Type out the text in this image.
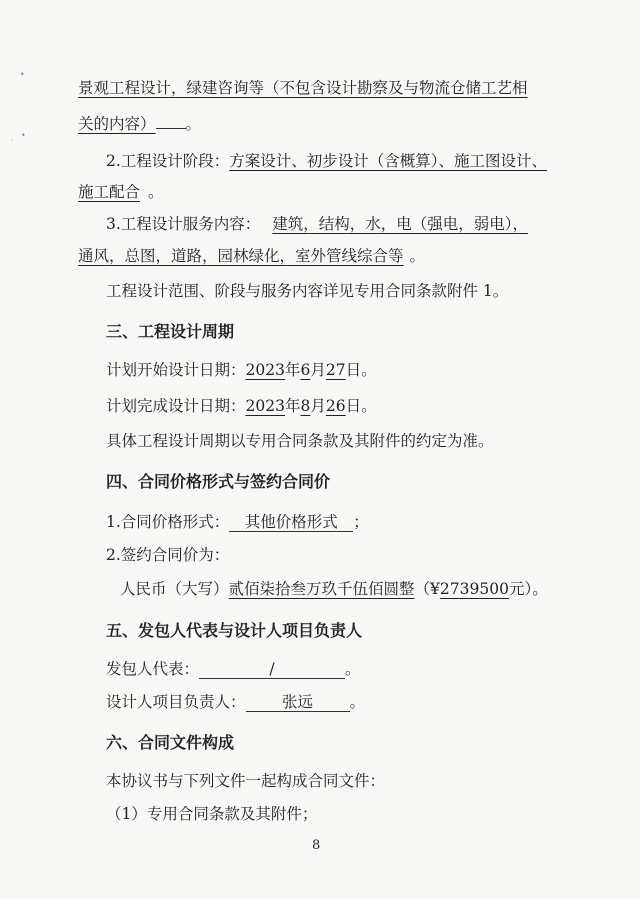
•
•
·
景观工程设计，绿建咨询等（不包含设计勘察及与物流仓储工艺相
关的内容） 。
2.工程设计阶段：方案设计、初步设计（含概算）、施工图设计、
施工配合 。
3.工程设计服务内容： 建筑，结构，水，电（强电，弱电），
通风，总图，道路，园林绿化，室外管线综合等 。
工程设计范围、阶段与服务内容详见专用合同条款附件 1。
三、工程设计周期
计划开始设计日期：2023年6月27日。
计划完成设计日期：2023年8月26日。
具体工程设计周期以专用合同条款及其附件的约定为准。
四、合同价格形式与签约合同价
1.合同价格形式： 其他价格形式 ；
2.签约合同价为：
人民币（大写）贰佰柒拾叁万玖千伍佰圆整（¥2739500元）。
五、发包人代表与设计人项目负责人
发包人代表：	/	。
设计人项目负责人： 张远 。
六、合同文件构成
本协议书与下列文件一起构成合同文件：
（1）专用合同条款及其附件；
8
